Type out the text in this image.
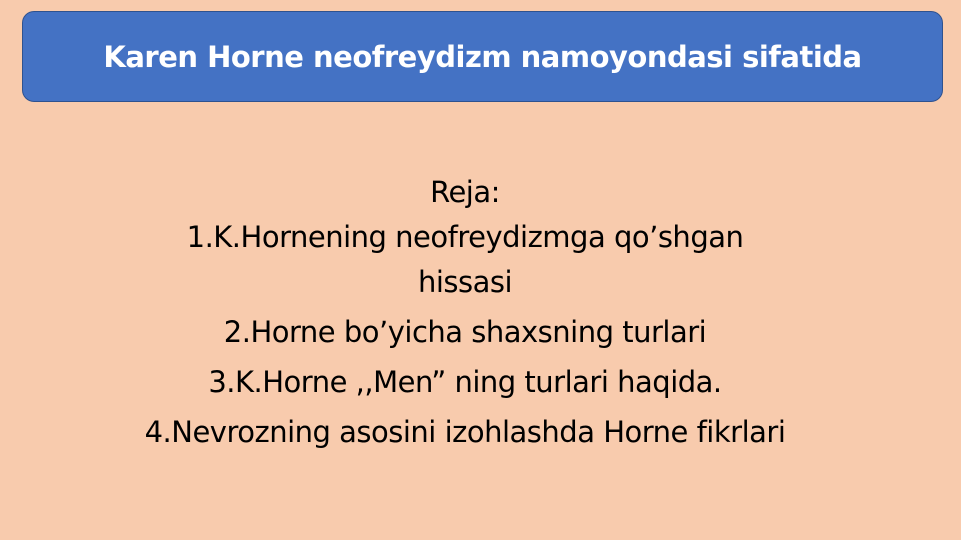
Karen Horne neofreydizm namoyondasi sifatida
Reja:
1.K.Hornening neofreydizmga qo’shgan hissasi
2.Horne bo’yicha shaxsning turlari
3.K.Horne ,,Men” ning turlari haqida.
4.Nevrozning asosini izohlashda Horne fikrlari
